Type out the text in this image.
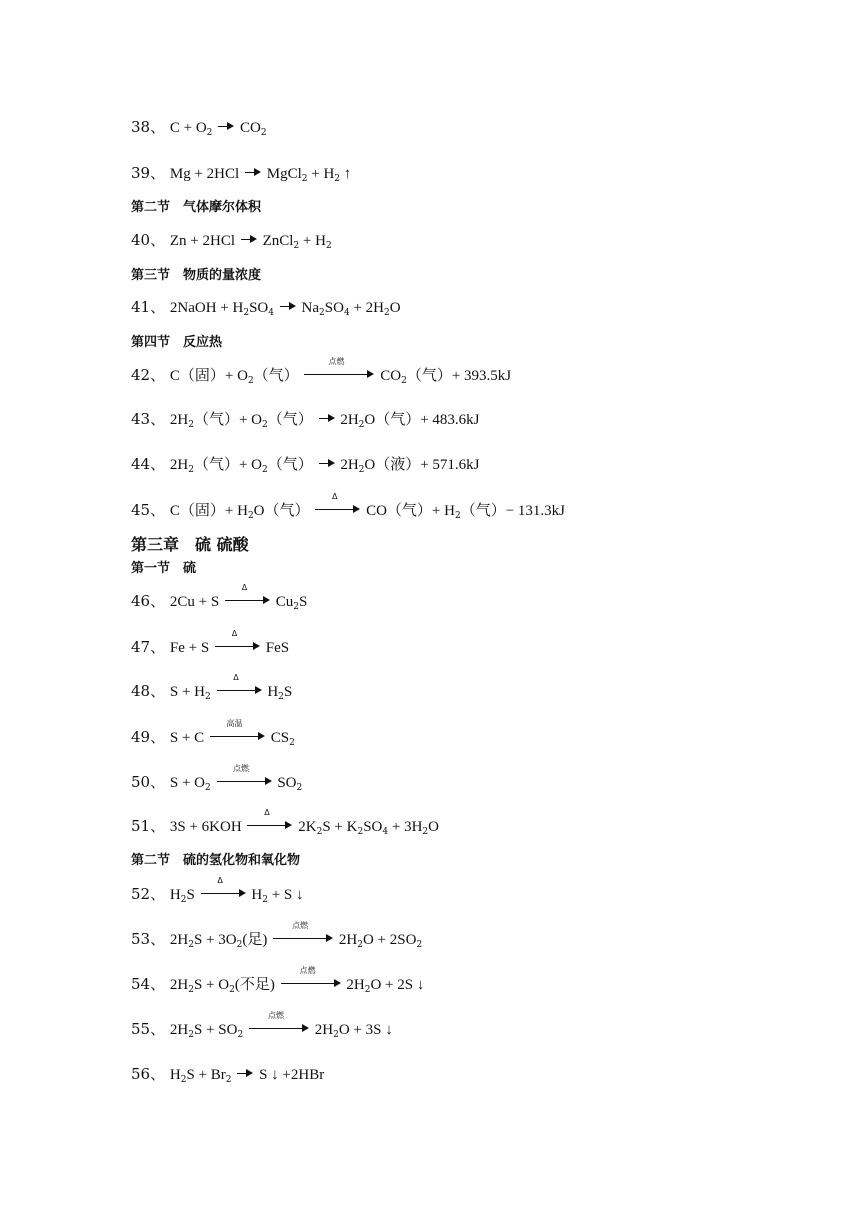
38、 $C + O_2$
$CO_2$
39、 Mg + 2HCl
MgCl$_2$ + $H_2$ ↑
第二节　气体摩尔体积
40、 Zn + 2HCl
ZnCl$_2$ + $H_2$
第三节　物质的量浓度
41、 2NaOH + $H_2SO_4$
$Na_2SO_4 + 2H_2O$
第四节　反应热
42、 C（固）+ $O_2$（气）
点燃
$CO_2$（气）+ 393.5kJ
43、 $2H_2$（气）+ $O_2$（气）
$2H_2O$（气）+ 483.6kJ
44、 $2H_2$（气）+ $O_2$（气）
$2H_2O$（液）+ 571.6kJ
45、 C（固）+ $H_2O$（气）
Δ
CO（气）+ $H_2$（气）− 131.3kJ
第三章　硫 硫酸
第一节　硫
46、 2Cu + S
Δ
$Cu_2S$
47、 Fe + S
Δ
FeS
48、 $S + H_2$
Δ
$H_2S$
49、 S + C
高温
$CS_2$
50、 $S + O_2$
点燃
$SO_2$
51、 3S + 6KOH
Δ
$2K_2S + K_2SO_4 + 3H_2O$
第二节　硫的氢化物和氧化物
52、 $H_2S$
Δ
$H_2 + S$ ↓
53、 $2H_2S + 3O_2$(足)
点燃
$2H_2O + 2SO_2$
54、 $2H_2S + O_2$(不足)
点燃
$2H_2O + 2S$ ↓
55、 $2H_2S + SO_2$
点燃
$2H_2O + 3S$ ↓
56、 $H_2S + Br_2$
S ↓ +2HBr
